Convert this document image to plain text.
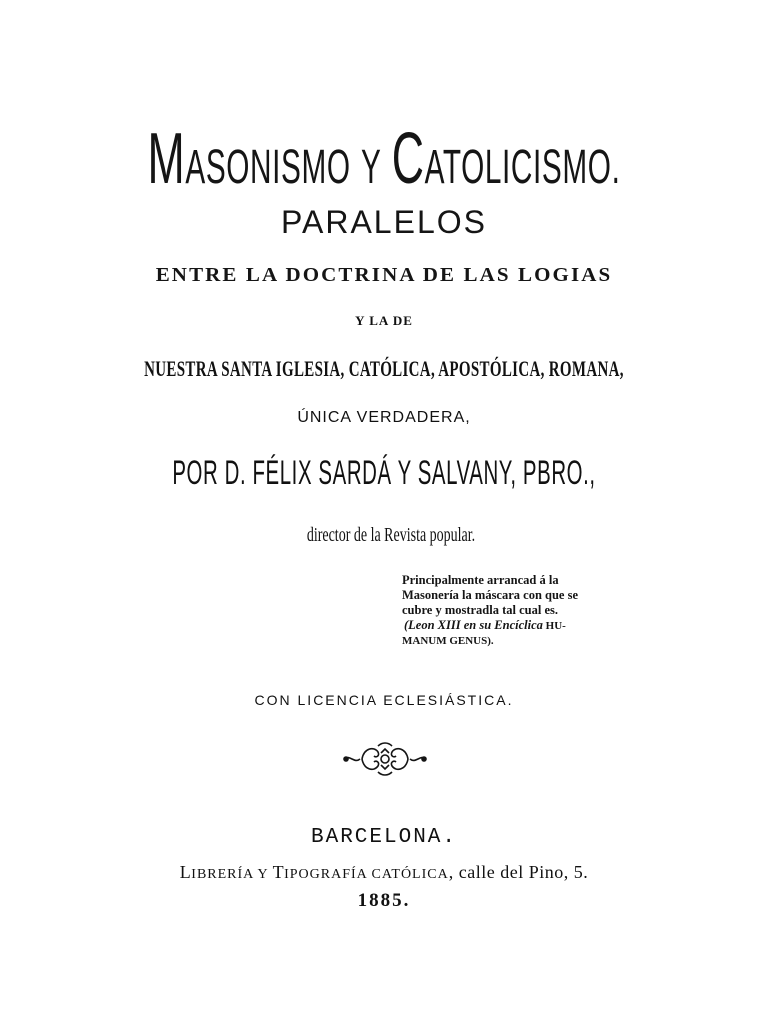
MASONISMO Y CATOLICISMO.
PARALELOS
ENTRE LA DOCTRINA DE LAS LOGIAS
Y LA DE
NUESTRA SANTA IGLESIA, CATÓLICA, APOSTÓLICA, ROMANA,
ÚNICA VERDADERA,
POR D. FÉLIX SARDÁ Y SALVANY, PBRO.,
director de la Revista popular.
Principalmente arrancad á la
Masonería la máscara con que se
cubre y mostradla tal cual es.
(Leon XIII en su Encíclica HU-
MANUM GENUS).
CON LICENCIA ECLESIÁSTICA.
BARCELONA.
LIBRERÍA Y TIPOGRAFÍA CATÓLICA, calle del Pino, 5.
1885.
